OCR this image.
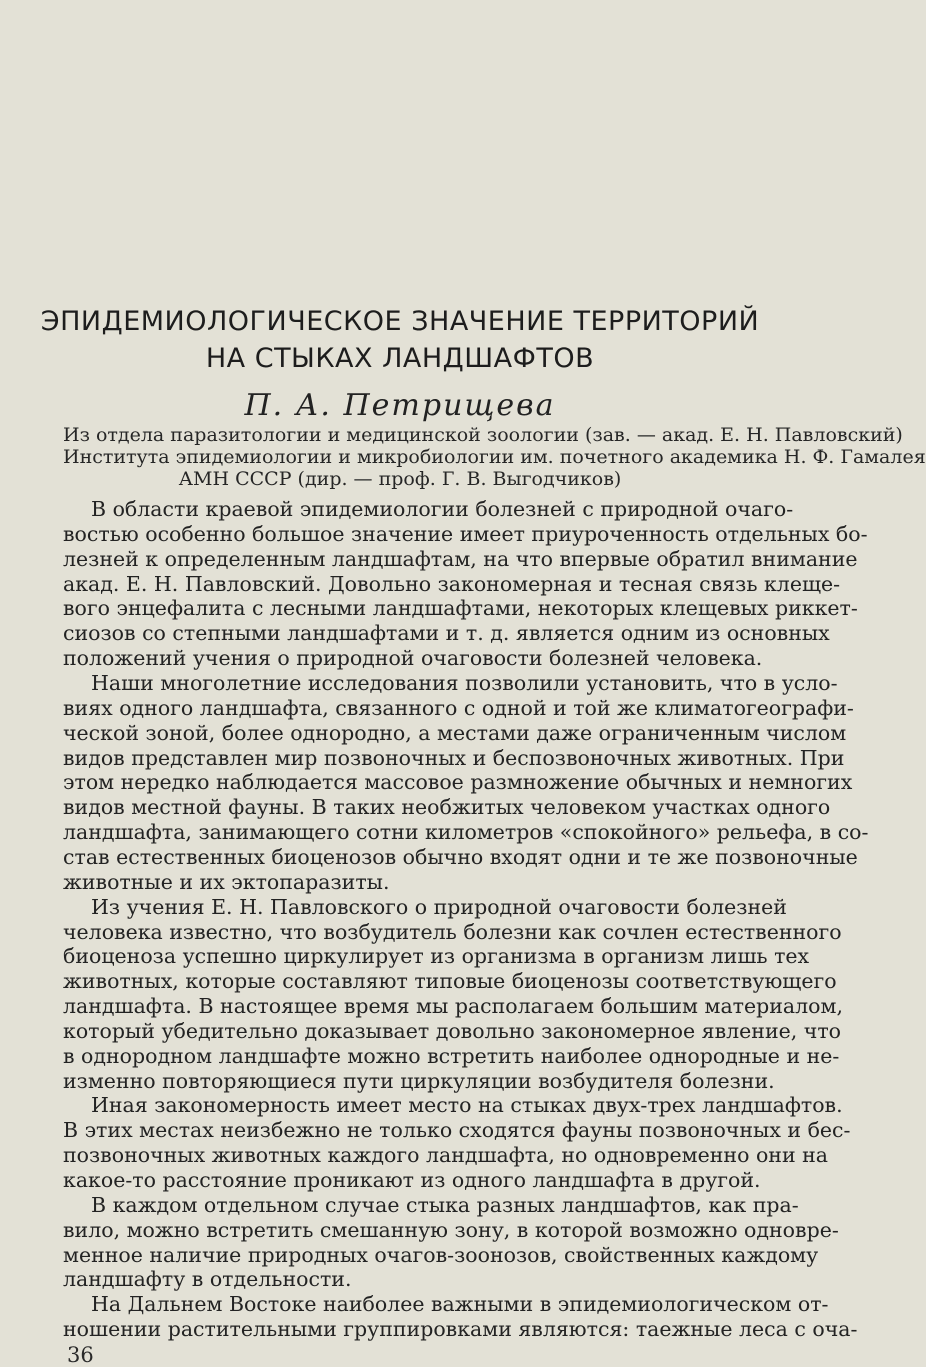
ЭПИДЕМИОЛОГИЧЕСКОЕ ЗНАЧЕНИЕ ТЕРРИТОРИЙ
НА СТЫКАХ ЛАНДШАФТОВ
П. А. Петрищева
Из отдела паразитологии и медицинской зоологии (зав. — акад. Е. Н. Павловский)
Института эпидемиологии и микробиологии им. почетного академика Н. Ф. Гамалея
АМН СССР (дир. — проф. Г. В. Выгодчиков)
В области краевой эпидемиологии болезней с природной очаго-
востью особенно большое значение имеет приуроченность отдельных бо-
лезней к определенным ландшафтам, на что впервые обратил внимание
акад. Е. Н. Павловский. Довольно закономерная и тесная связь клеще-
вого энцефалита с лесными ландшафтами, некоторых клещевых риккет-
сиозов со степными ландшафтами и т. д. является одним из основных
положений учения о природной очаговости болезней человека.
Наши многолетние исследования позволили установить, что в усло-
виях одного ландшафта, связанного с одной и той же климатогеографи-
ческой зоной, более однородно, а местами даже ограниченным числом
видов представлен мир позвоночных и беспозвоночных животных. При
этом нередко наблюдается массовое размножение обычных и немногих
видов местной фауны. В таких необжитых человеком участках одного
ландшафта, занимающего сотни километров «спокойного» рельефа, в со-
став естественных биоценозов обычно входят одни и те же позвоночные
животные и их эктопаразиты.
Из учения Е. Н. Павловского о природной очаговости болезней
человека известно, что возбудитель болезни как сочлен естественного
биоценоза успешно циркулирует из организма в организм лишь тех
животных, которые составляют типовые биоценозы соответствующего
ландшафта. В настоящее время мы располагаем большим материалом,
который убедительно доказывает довольно закономерное явление, что
в однородном ландшафте можно встретить наиболее однородные и не-
изменно повторяющиеся пути циркуляции возбудителя болезни.
Иная закономерность имеет место на стыках двух-трех ландшафтов.
В этих местах неизбежно не только сходятся фауны позвоночных и бес-
позвоночных животных каждого ландшафта, но одновременно они на
какое-то расстояние проникают из одного ландшафта в другой.
В каждом отдельном случае стыка разных ландшафтов, как пра-
вило, можно встретить смешанную зону, в которой возможно одновре-
менное наличие природных очагов-зоонозов, свойственных каждому
ландшафту в отдельности.
На Дальнем Востоке наиболее важными в эпидемиологическом от-
ношении растительными группировками являются: таежные леса с оча-
36
